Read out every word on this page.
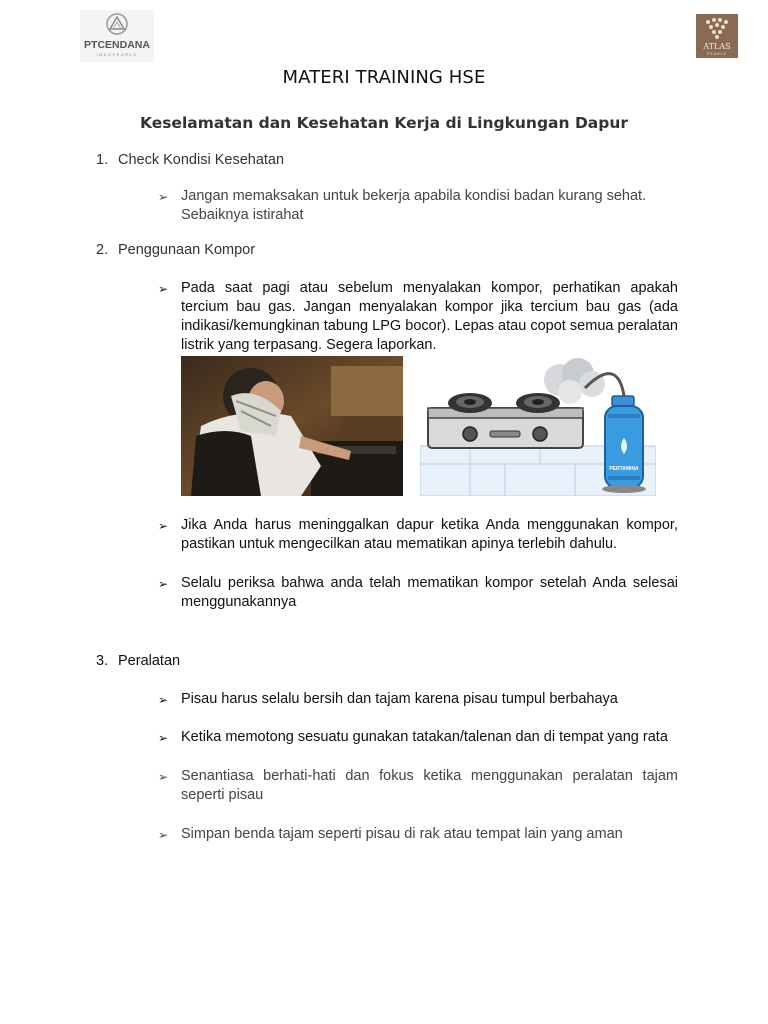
PTCENDANA
INDOPEARLS
ATLAS
PEARLS
MATERI TRAINING HSE
Keselamatan dan Kesehatan Kerja di Lingkungan Dapur
1. Check Kondisi Kesehatan
➢ Jangan memaksakan untuk bekerja apabila kondisi badan kurang sehat. Sebaiknya istirahat
2. Penggunaan Kompor
➢ Pada saat pagi atau sebelum menyalakan kompor, perhatikan apakah tercium bau gas. Jangan menyalakan kompor jika tercium bau gas (ada indikasi/kemungkinan tabung LPG bocor). Lepas atau copot semua peralatan listrik yang terpasang. Segera laporkan.
PERTAMINA
➢ Jika Anda harus meninggalkan dapur ketika Anda menggunakan kompor, pastikan untuk mengecilkan atau mematikan apinya terlebih dahulu.
➢ Selalu periksa bahwa anda telah mematikan kompor setelah Anda selesai menggunakannya
3. Peralatan
➢ Pisau harus selalu bersih dan tajam karena pisau tumpul berbahaya
➢ Ketika memotong sesuatu gunakan tatakan/talenan dan di tempat yang rata
➢ Senantiasa berhati-hati dan fokus ketika menggunakan peralatan tajam seperti pisau
➢ Simpan benda tajam seperti pisau di rak atau tempat lain yang aman
